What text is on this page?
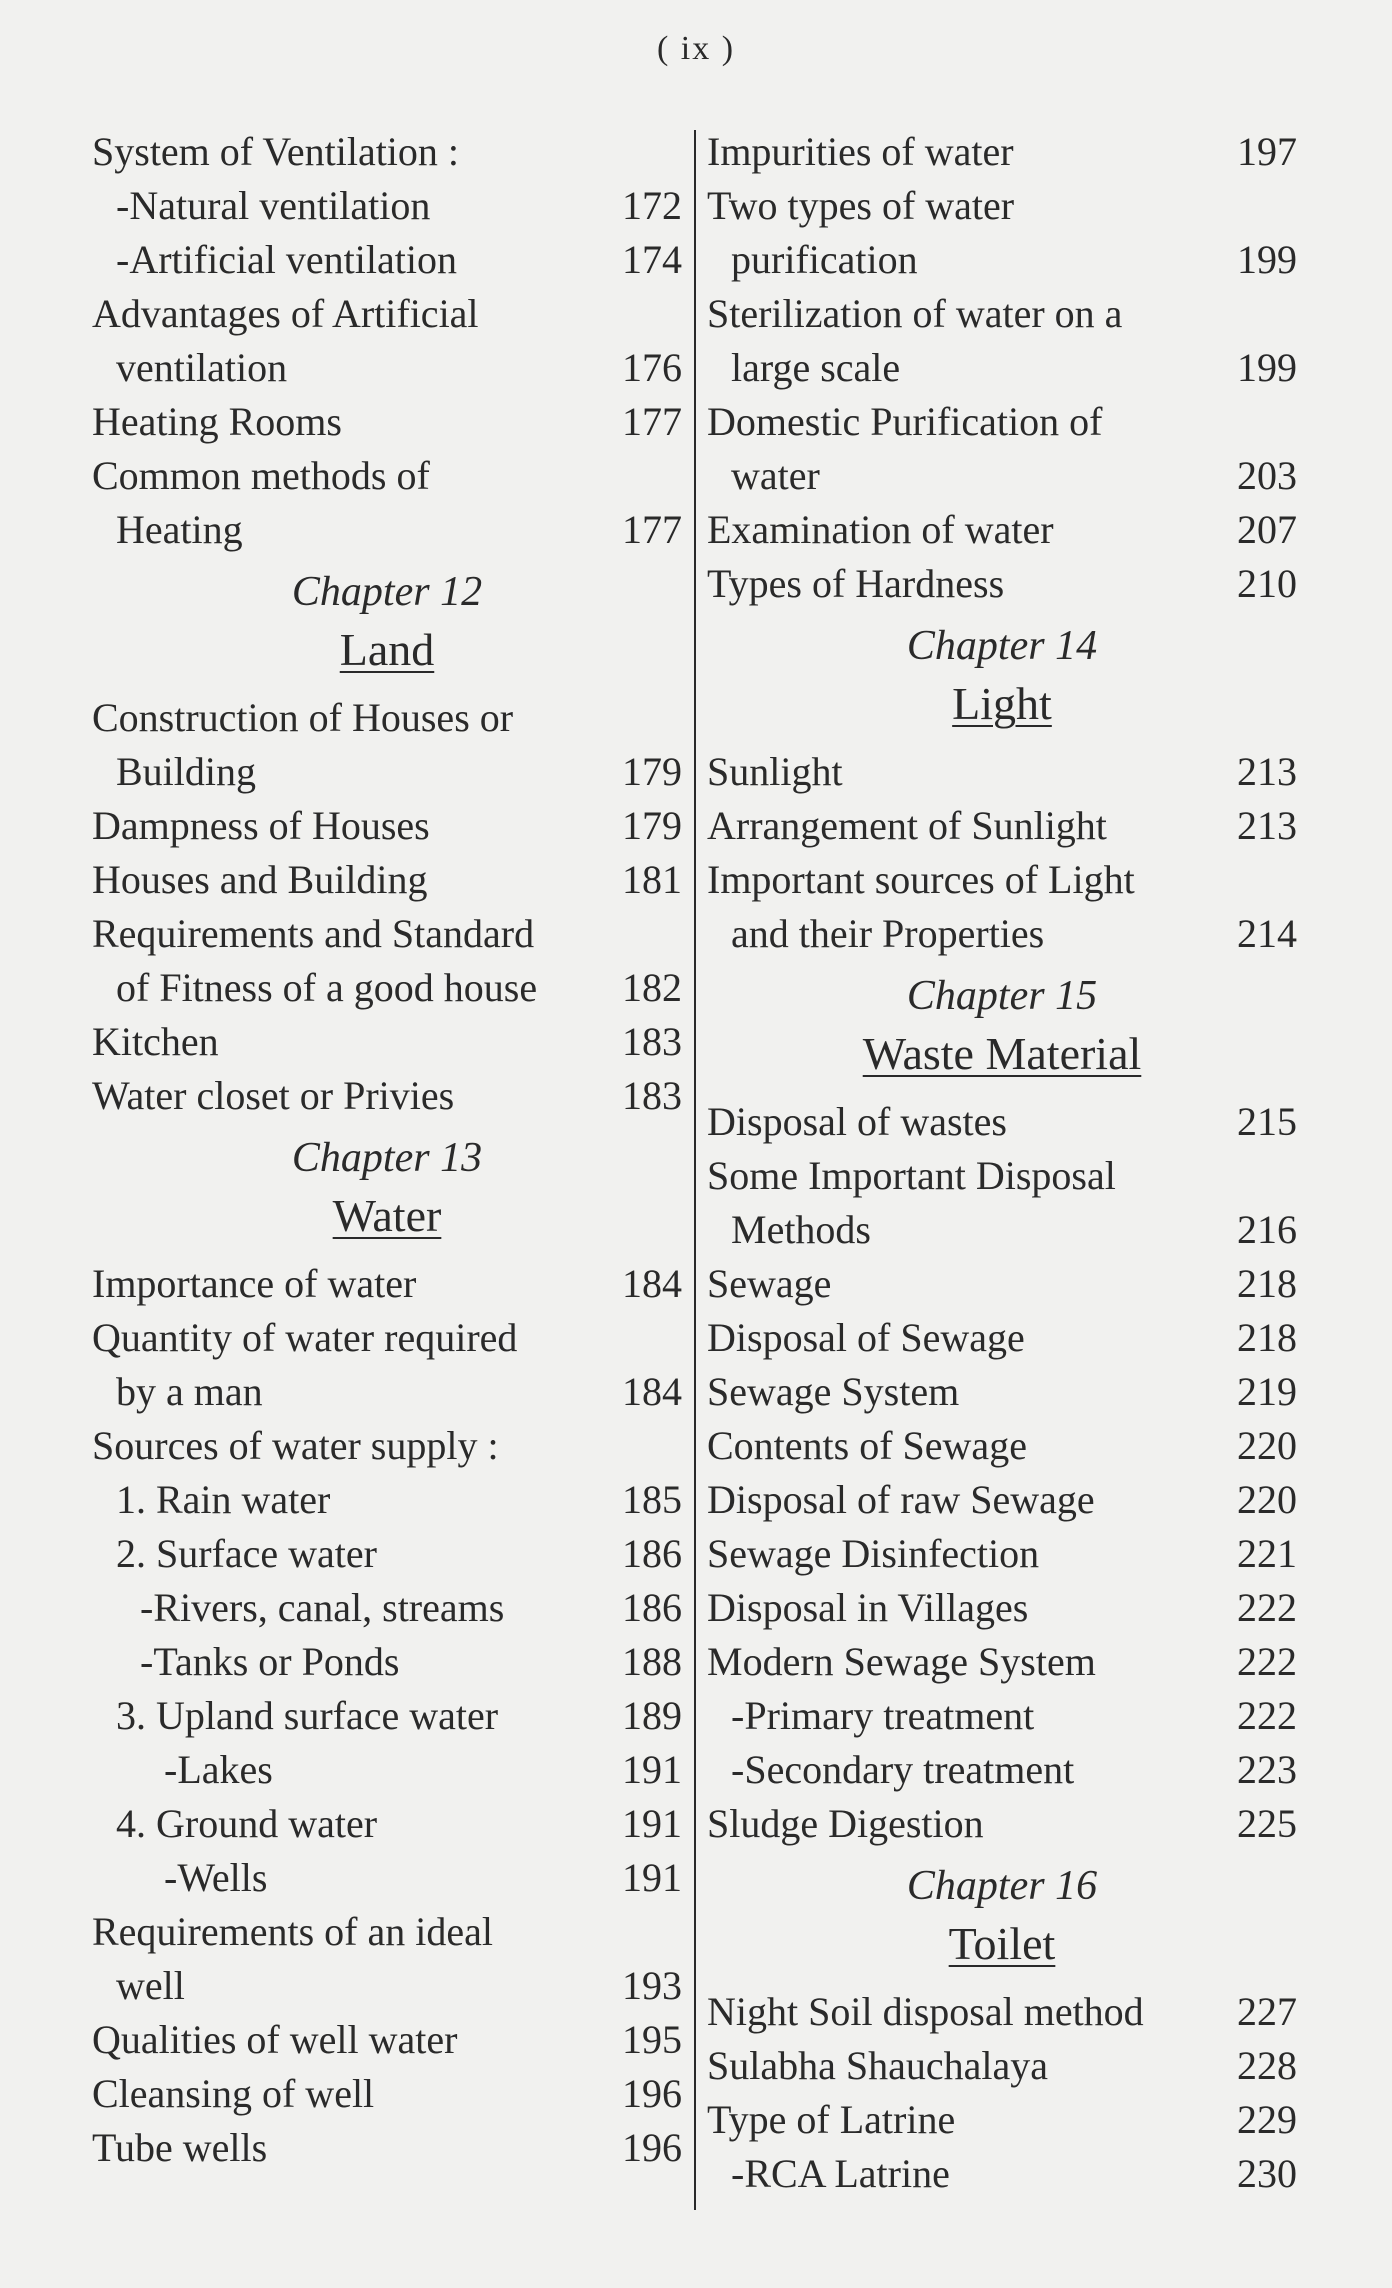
( ix )
System of Ventilation :
-Natural ventilation	172
-Artificial ventilation	174
Advantages of Artificial
ventilation	176
Heating Rooms	177
Common methods of
Heating	177
Chapter 12
Land
Construction of Houses or
Building	179
Dampness of Houses	179
Houses and Building	181
Requirements and Standard
of Fitness of a good house	182
Kitchen	183
Water closet or Privies	183
Chapter 13
Water
Importance of water	184
Quantity of water required
by a man	184
Sources of water supply :
1. Rain water	185
2. Surface water	186
-Rivers, canal, streams	186
-Tanks or Ponds	188
3. Upland surface water	189
-Lakes	191
4. Ground water	191
-Wells	191
Requirements of an ideal
well	193
Qualities of well water	195
Cleansing of well	196
Tube wells	196
Impurities of water	197
Two types of water
purification	199
Sterilization of water on a
large scale	199
Domestic Purification of
water	203
Examination of water	207
Types of Hardness	210
Chapter 14
Light
Sunlight	213
Arrangement of Sunlight	213
Important sources of Light
and their Properties	214
Chapter 15
Waste Material
Disposal of wastes	215
Some Important Disposal
Methods	216
Sewage	218
Disposal of Sewage	218
Sewage System	219
Contents of Sewage	220
Disposal of raw Sewage	220
Sewage Disinfection	221
Disposal in Villages	222
Modern Sewage System	222
-Primary treatment	222
-Secondary treatment	223
Sludge Digestion	225
Chapter 16
Toilet
Night Soil disposal method	227
Sulabha Shauchalaya	228
Type of Latrine	229
-RCA Latrine	230
